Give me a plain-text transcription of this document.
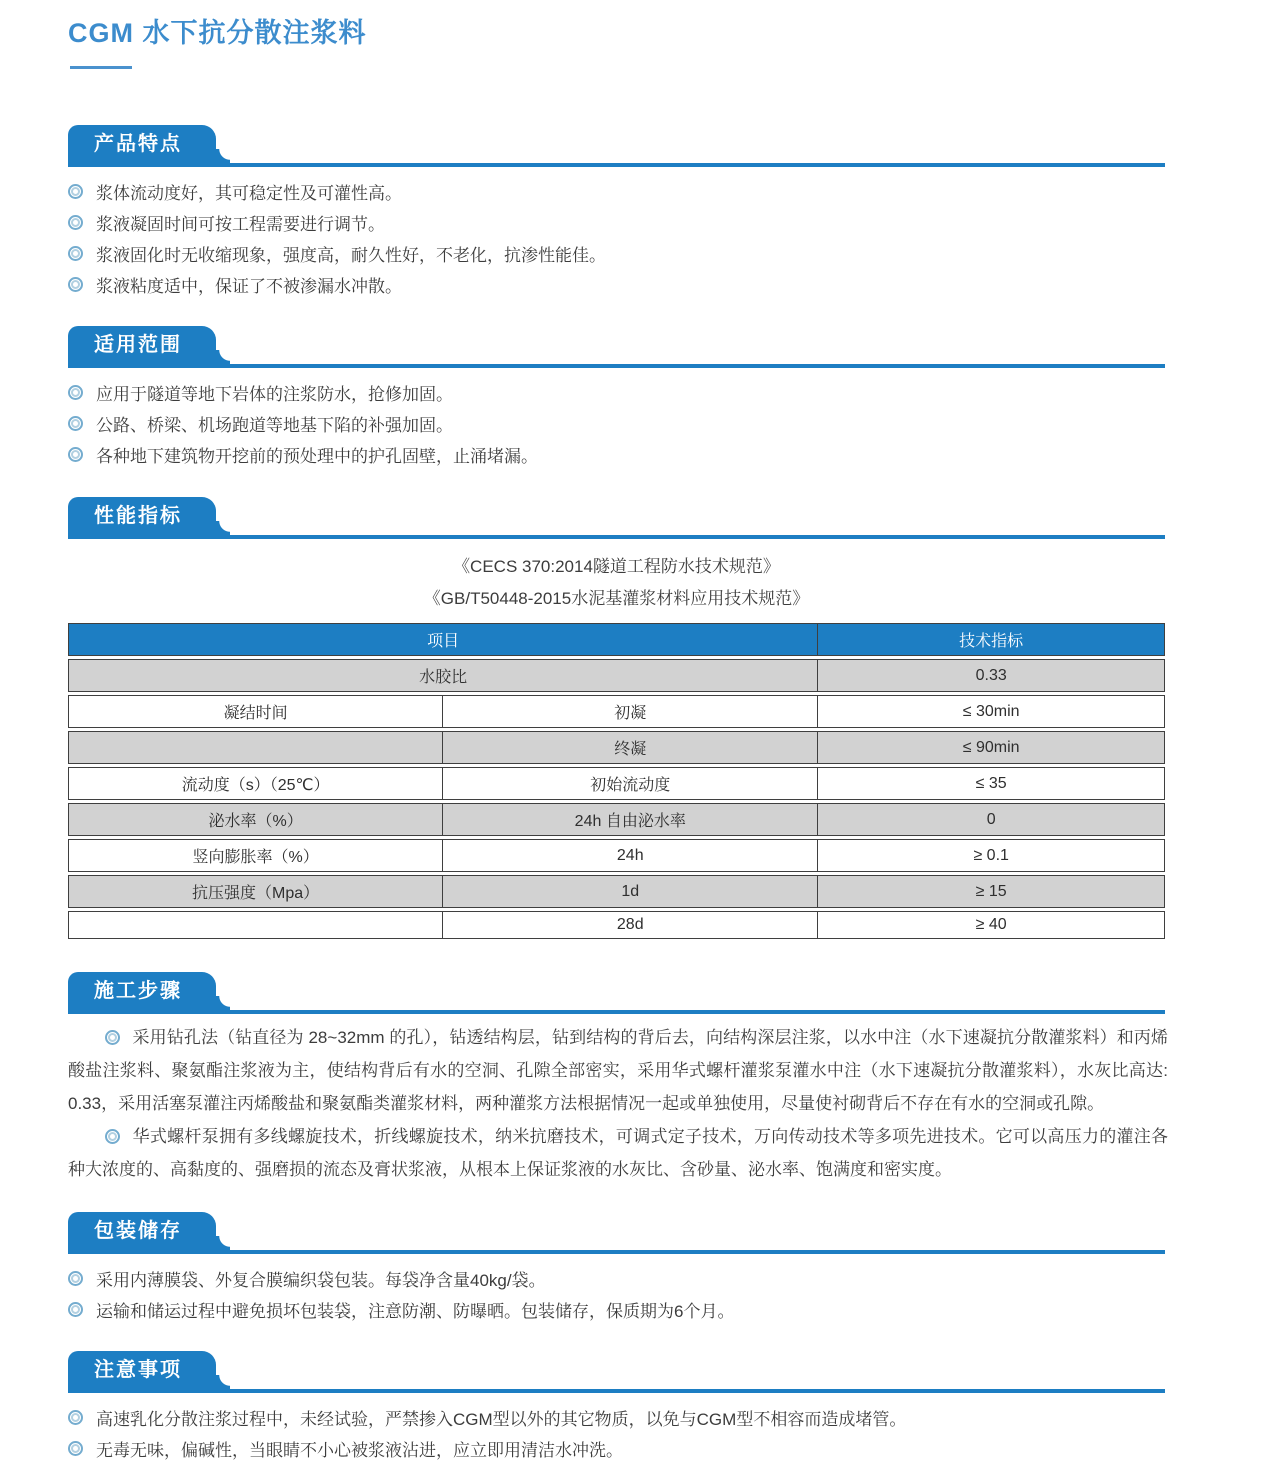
CGM 水下抗分散注浆料
产品特点
浆体流动度好，其可稳定性及可灌性高。
浆液凝固时间可按工程需要进行调节。
浆液固化时无收缩现象，强度高，耐久性好，不老化，抗渗性能佳。
浆液粘度适中，保证了不被渗漏水冲散。
适用范围
应用于隧道等地下岩体的注浆防水，抢修加固。
公路、桥梁、机场跑道等地基下陷的补强加固。
各种地下建筑物开挖前的预处理中的护孔固壁，止涌堵漏。
性能指标
《CECS 370:2014隧道工程防水技术规范》
《GB/T50448-2015水泥基灌浆材料应用技术规范》
项目		技术指标
水胶比		0.33
凝结时间	初凝	≤ 30min
	终凝	≤ 90min
流动度（s）（25℃）	初始流动度	≤ 35
泌水率（%）	24h 自由泌水率	0
竖向膨胀率（%）	24h	≥ 0.1
抗压强度（Mpa）	1d	≥ 15
	28d	≥ 40
施工步骤

采用钻孔法（钻直径为 28~32mm 的孔），钻透结构层，钻到结构的背后去，向结构深层注浆，以水中注（水下速凝抗分散灌浆料）和丙烯酸盐注浆料、聚氨酯注浆液为主，使结构背后有水的空洞、孔隙全部密实，采用华式螺杆灌浆泵灌水中注（水下速凝抗分散灌浆料），水灰比高达: 0.33，采用活塞泵灌注丙烯酸盐和聚氨酯类灌浆材料，两种灌浆方法根据情况一起或单独使用，尽量使衬砌背后不存在有水的空洞或孔隙。

华式螺杆泵拥有多线螺旋技术，折线螺旋技术，纳米抗磨技术，可调式定子技术，万向传动技术等多项先进技术。它可以高压力的灌注各种大浓度的、高黏度的、强磨损的流态及膏状浆液，从根本上保证浆液的水灰比、含砂量、泌水率、饱满度和密实度。

包装储存
采用内薄膜袋、外复合膜编织袋包装。每袋净含量40kg/袋。
运输和储运过程中避免损坏包装袋，注意防潮、防曝晒。包装储存，保质期为6个月。
注意事项
高速乳化分散注浆过程中，未经试验，严禁掺入CGM型以外的其它物质，以免与CGM型不相容而造成堵管。
无毒无味，偏碱性，当眼睛不小心被浆液沾进，应立即用清洁水冲洗。
